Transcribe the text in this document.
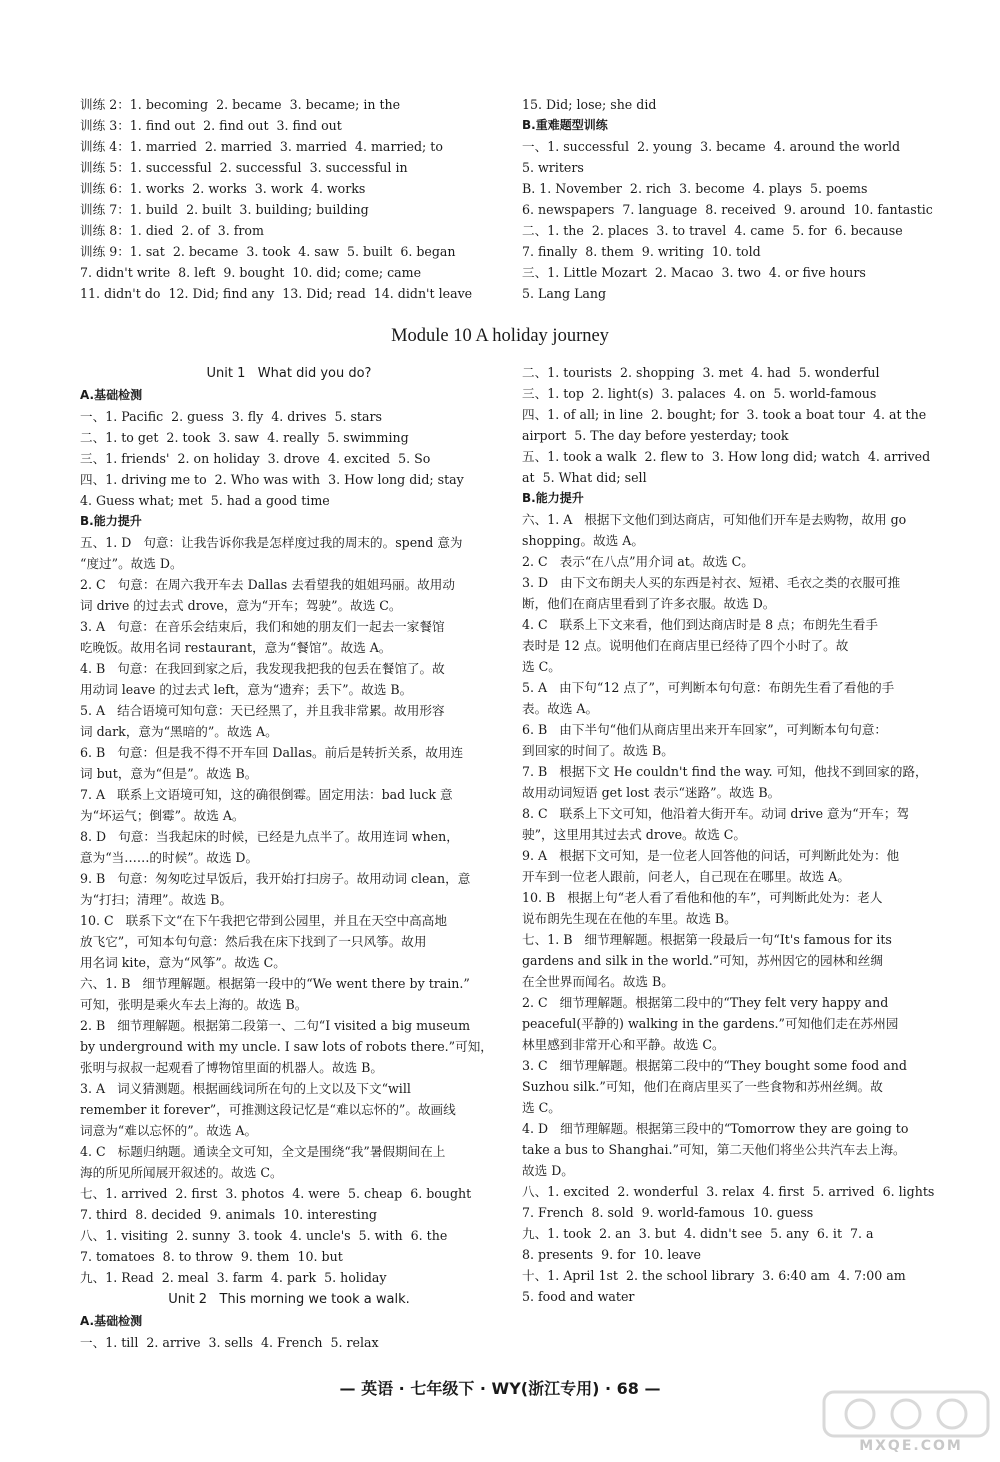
训练 2：1. becoming  2. became  3. became; in the
训练 3：1. find out  2. find out  3. find out
训练 4：1. married  2. married  3. married  4. married; to
训练 5：1. successful  2. successful  3. successful in
训练 6：1. works  2. works  3. work  4. works
训练 7：1. build  2. built  3. building; building
训练 8：1. died  2. of  3. from
训练 9：1. sat  2. became  3. took  4. saw  5. built  6. began
7. didn't write  8. left  9. bought  10. did; come; came
11. didn't do  12. Did; find any  13. Did; read  14. didn't leave
15. Did; lose; she did
B.重难题型训练
一、1. successful  2. young  3. became  4. around the world
5. writers
B. 1. November  2. rich  3. become  4. plays  5. poems
6. newspapers  7. language  8. received  9. around  10. fantastic
二、1. the  2. places  3. to travel  4. came  5. for  6. because
7. finally  8. them  9. writing  10. told
三、1. Little Mozart  2. Macao  3. two  4. or five hours
5. Lang Lang
Module 10 A holiday journey
Unit 1   What did you do?
A.基础检测
一、1. Pacific  2. guess  3. fly  4. drives  5. stars
二、1. to get  2. took  3. saw  4. really  5. swimming
三、1. friends'  2. on holiday  3. drove  4. excited  5. So
四、1. driving me to  2. Who was with  3. How long did; stay
4. Guess what; met  5. had a good time
B.能力提升
五、1. D   句意：让我告诉你我是怎样度过我的周末的。spend 意为
“度过”。故选 D。
2. C   句意：在周六我开车去 Dallas 去看望我的姐姐玛丽。故用动
词 drive 的过去式 drove，意为“开车；驾驶”。故选 C。
3. A   句意：在音乐会结束后，我们和她的朋友们一起去一家餐馆
吃晚饭。故用名词 restaurant，意为“餐馆”。故选 A。
4. B   句意：在我回到家之后，我发现我把我的包丢在餐馆了。故
用动词 leave 的过去式 left，意为“遗弃；丢下”。故选 B。
5. A   结合语境可知句意：天已经黑了，并且我非常累。故用形容
词 dark，意为“黑暗的”。故选 A。
6. B   句意：但是我不得不开车回 Dallas。前后是转折关系，故用连
词 but，意为“但是”。故选 B。
7. A   联系上文语境可知，这的确很倒霉。固定用法：bad luck 意
为“坏运气；倒霉”。故选 A。
8. D   句意：当我起床的时候，已经是九点半了。故用连词 when，
意为“当……的时候”。故选 D。
9. B   句意：匆匆吃过早饭后，我开始打扫房子。故用动词 clean，意
为“打扫；清理”。故选 B。
10. C   联系下文“在下午我把它带到公园里，并且在天空中高高地
放飞它”，可知本句句意：然后我在床下找到了一只风筝。故用
用名词 kite，意为“风筝”。故选 C。
六、1. B   细节理解题。根据第一段中的“We went there by train.”
可知，张明是乘火车去上海的。故选 B。
2. B   细节理解题。根据第二段第一、二句“I visited a big museum
by underground with my uncle. I saw lots of robots there.”可知，
张明与叔叔一起观看了博物馆里面的机器人。故选 B。
3. A   词义猜测题。根据画线词所在句的上文以及下文“will
remember it forever”，可推测这段记忆是“难以忘怀的”。故画线
词意为“难以忘怀的”。故选 A。
4. C   标题归纳题。通读全文可知，全文是围绕“我”暑假期间在上
海的所见所闻展开叙述的。故选 C。
七、1. arrived  2. first  3. photos  4. were  5. cheap  6. bought
7. third  8. decided  9. animals  10. interesting
八、1. visiting  2. sunny  3. took  4. uncle's  5. with  6. the
7. tomatoes  8. to throw  9. them  10. but
九、1. Read  2. meal  3. farm  4. park  5. holiday
Unit 2   This morning we took a walk.
A.基础检测
一、1. till  2. arrive  3. sells  4. French  5. relax
二、1. tourists  2. shopping  3. met  4. had  5. wonderful
三、1. top  2. light(s)  3. palaces  4. on  5. world-famous
四、1. of all; in line  2. bought; for  3. took a boat tour  4. at the
airport  5. The day before yesterday; took
五、1. took a walk  2. flew to  3. How long did; watch  4. arrived
at  5. What did; sell
B.能力提升
六、1. A   根据下文他们到达商店，可知他们开车是去购物，故用 go
shopping。故选 A。
2. C   表示“在八点”用介词 at。故选 C。
3. D   由下文布朗夫人买的东西是衬衣、短裙、毛衣之类的衣服可推
断，他们在商店里看到了许多衣服。故选 D。
4. C   联系上下文来看，他们到达商店时是 8 点；布朗先生看手
表时是 12 点。说明他们在商店里已经待了四个小时了。故
选 C。
5. A   由下句“12 点了”，可判断本句句意：布朗先生看了看他的手
表。故选 A。
6. B   由下半句“他们从商店里出来开车回家”，可判断本句句意：
到回家的时间了。故选 B。
7. B   根据下文 He couldn't find the way. 可知，他找不到回家的路，
故用动词短语 get lost 表示“迷路”。故选 B。
8. C   联系上下文可知，他沿着大街开车。动词 drive 意为“开车；驾
驶”，这里用其过去式 drove。故选 C。
9. A   根据下文可知，是一位老人回答他的问话，可判断此处为：他
开车到一位老人跟前，问老人，自己现在在哪里。故选 A。
10. B   根据上句“老人看了看他和他的车”，可判断此处为：老人
说布朗先生现在在他的车里。故选 B。
七、1. B   细节理解题。根据第一段最后一句“It's famous for its
gardens and silk in the world.”可知，苏州因它的园林和丝绸
在全世界而闻名。故选 B。
2. C   细节理解题。根据第二段中的“They felt very happy and
peaceful(平静的) walking in the gardens.”可知他们走在苏州园
林里感到非常开心和平静。故选 C。
3. C   细节理解题。根据第二段中的“They bought some food and
Suzhou silk.”可知，他们在商店里买了一些食物和苏州丝绸。故
选 C。
4. D   细节理解题。根据第三段中的“Tomorrow they are going to
take a bus to Shanghai.”可知，第二天他们将坐公共汽车去上海。
故选 D。
八、1. excited  2. wonderful  3. relax  4. first  5. arrived  6. lights
7. French  8. sold  9. world-famous  10. guess
九、1. took  2. an  3. but  4. didn't see  5. any  6. it  7. a
8. presents  9. for  10. leave
十、1. April 1st  2. the school library  3. 6:40 am  4. 7:00 am
5. food and water
— 英语 · 七年级下 · WY(浙江专用) · 68 —
MXQE.COM
